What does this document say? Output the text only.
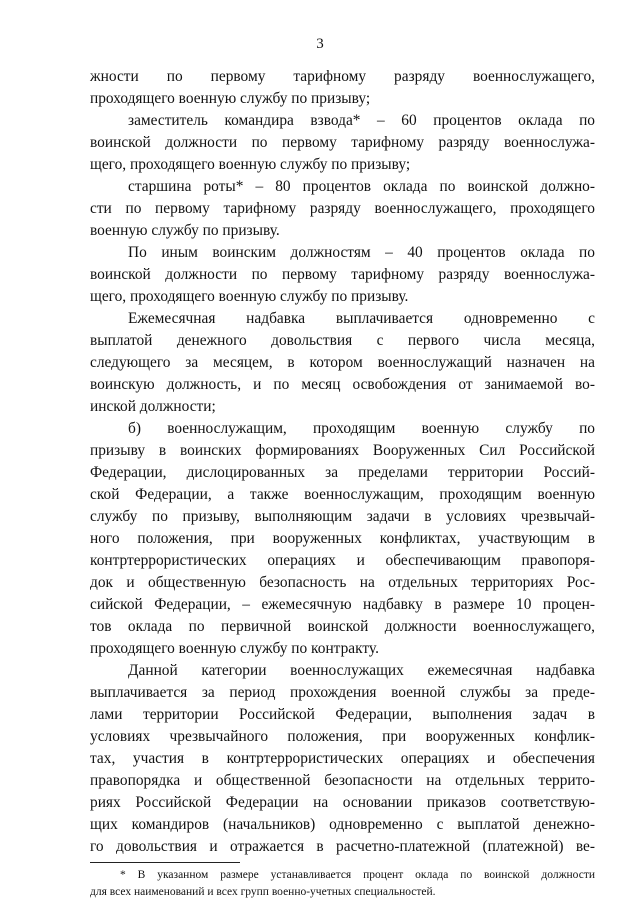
3
жности по первому тарифному разряду военнослужащего,
проходящего военную службу по призыву;
заместитель командира взвода* – 60 процентов оклада по
воинской должности по первому тарифному разряду военнослужа-
щего, проходящего военную службу по призыву;
старшина роты* – 80 процентов оклада по воинской должно-
сти по первому тарифному разряду военнослужащего, проходящего
военную службу по призыву.
По иным воинским должностям – 40 процентов оклада по
воинской должности по первому тарифному разряду военнослужа-
щего, проходящего военную службу по призыву.
Ежемесячная надбавка выплачивается одновременно с
выплатой денежного довольствия с первого числа месяца,
следующего за месяцем, в котором военнослужащий назначен на
воинскую должность, и по месяц освобождения от занимаемой во-
инской должности;
б) военнослужащим, проходящим военную службу по
призыву в воинских формированиях Вооруженных Сил Российской
Федерации, дислоцированных за пределами территории Россий-
ской Федерации, а также военнослужащим, проходящим военную
службу по призыву, выполняющим задачи в условиях чрезвычай-
ного положения, при вооруженных конфликтах, участвующим в
контртеррористических операциях и обеспечивающим правопоря-
док и общественную безопасность на отдельных территориях Рос-
сийской Федерации, – ежемесячную надбавку в размере 10 процен-
тов оклада по первичной воинской должности военнослужащего,
проходящего военную службу по контракту.
Данной категории военнослужащих ежемесячная надбавка
выплачивается за период прохождения военной службы за преде-
лами территории Российской Федерации, выполнения задач в
условиях чрезвычайного положения, при вооруженных конфлик-
тах, участия в контртеррористических операциях и обеспечения
правопорядка и общественной безопасности на отдельных террито-
риях Российской Федерации на основании приказов соответствую-
щих командиров (начальников) одновременно с выплатой денежно-
го довольствия и отражается в расчетно-платежной (платежной) ве-
* В указанном размере устанавливается процент оклада по воинской должности
для всех наименований и всех групп военно-учетных специальностей.
